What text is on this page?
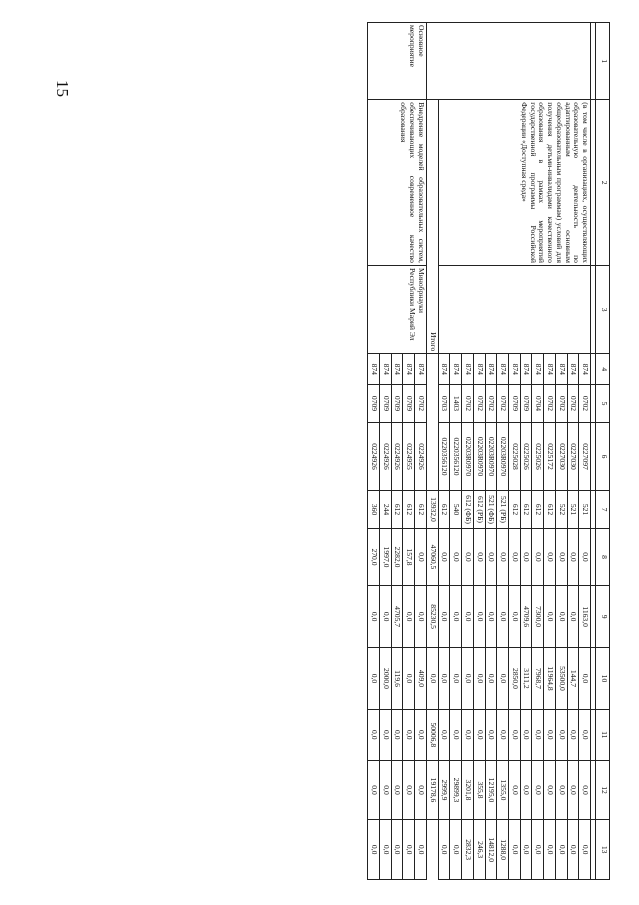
15
1	2	3	4	5	6	7	8	9	10	11	12	13

	(в том числе в организациях, осуществляющих образовательную деятельность по адаптированным основным общеобразовательным программам) условий для получения детьми-инвалидами качественного образования в рамках мероприятий государственной программы Российской Федерации «Доступная среда»		874	0702	0227097	521	0,0	1163,0	0,0	0,0	0,0	0,0
			874	0702	0227030	521	0,0	0,0	144,7	0,0	0,0	0,0
			874	0702	0227030	522	0,0	0,0	53500,0	0,0	0,0	0,0
			874	0702	0225172	612	0,0	0,0	11964,8	0,0	0,0	0,0
			874	0704	0225026	612	0,0	7300,0	7968,7	0,0	0,0	0,0
			874	0709	0225026	612	0,0	4709,6	3111,2	0,0	0,0	0,0
			874	0709	0225028	612	0,0	0,0	2850,0	0,0	0,0	0,0
			874	0702	02203R0970	521 (РБ)	0,0	0,0	0,0	0,0	1355,0	1288,0
			874	0702	02203R0970	521 (ФБ)	0,0	0,0	0,0	0,0	12195,0	14812,0
			874	0702	02203R0970	612 (РБ)	0,0	0,0	0,0	0,0	355,8	246,3
			874	0702	02203R0970	612 (ФБ)	0,0	0,0	0,0	0,0	3201,8	2832,3
			874	1403	0220356120	540	0,0	0,0	0,0	0,0	29899,3	0,0
			874	0703	0220356120	612	0,0	0,0	0,0	0,0	2999,9	0,0
	Итого					13932,0	47060,5	85230,5	0,0	50006,8	19178,6	
Основное мероприятие	Внедрение моделей образовательных систем, обеспечивающих современное качество образования	Минобрнауки Республики Марий Эл	874	0702	0224926	612	0,0	0,0	409,0	0,0	0,0	0,0
			874	0709	0224955	612	157,8	0,0	0,0	0,0	0,0	0,0
			874	0709	0224926	612	2282,0	4705,7	119,6	0,0	0,0	0,0
			874	0709	0224926	244	1997,0	0,0	2000,0	0,0	0,0	0,0
			874	0709	0224926	360	270,0	0,0	0,0	0,0	0,0	0,0
